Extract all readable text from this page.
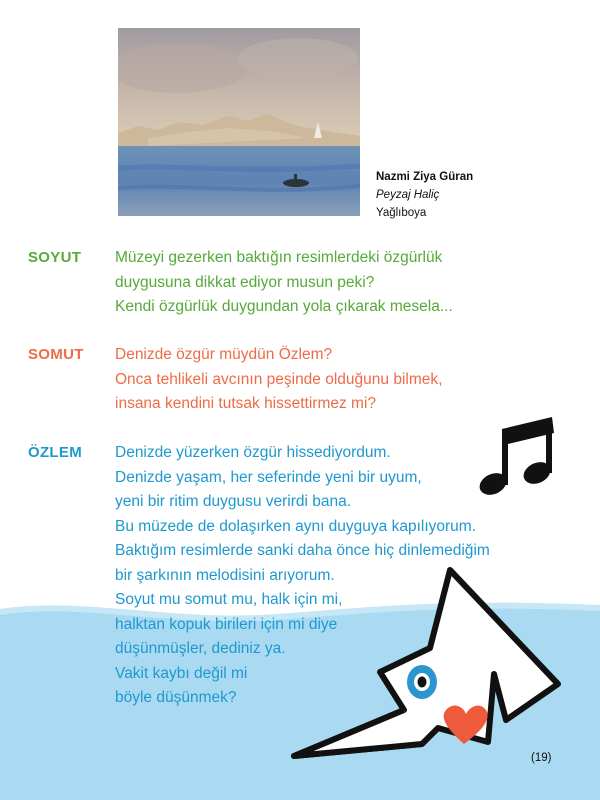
Nazmi Ziya Güran
Peyzaj Haliç
Yağlıboya
SOYUT Müzeyi gezerken baktığın resimlerdeki özgürlük
duygusuna dikkat ediyor musun peki?
Kendi özgürlük duygundan yola çıkarak mesela...
SOMUT Denizde özgür müydün Özlem?
Onca tehlikeli avcının peşinde olduğunu bilmek,
insana kendini tutsak hissettirmez mi?
ÖZLEM Denizde yüzerken özgür hissediyordum.
Denizde yaşam, her seferinde yeni bir uyum,
yeni bir ritim duygusu verirdi bana.
Bu müzede de dolaşırken aynı duyguya kapılıyorum.
Baktığım resimlerde sanki daha önce hiç dinlemediğim
bir şarkının melodisini arıyorum.
Soyut mu somut mu, halk için mi,
halktan kopuk birileri için mi diye
düşünmüşler, dediniz ya.
Vakit kaybı değil mi
böyle düşünmek?
(19)
